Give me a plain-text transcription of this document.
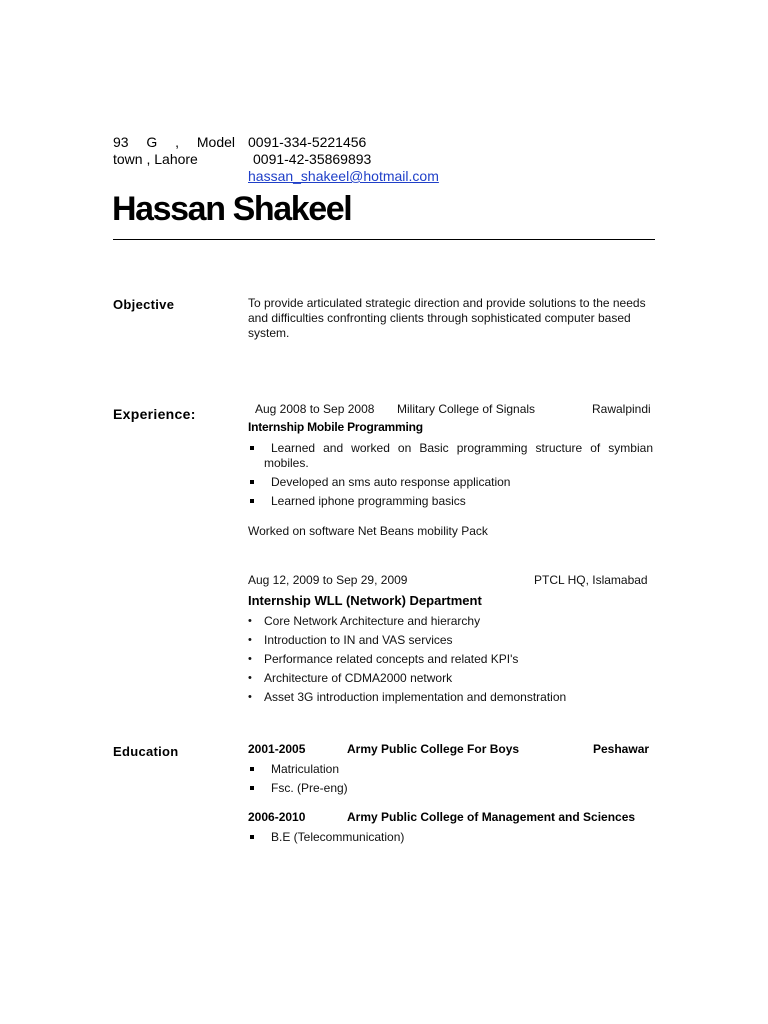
93 G , Model
town , Lahore
0091-334-5221456
0091-42-35869893
hassan_shakeel@hotmail.com
Hassan Shakeel
Objective	To provide articulated strategic direction and provide solutions to the needs and difficulties confronting clients through sophisticated computer based system.
Experience:	Aug 2008 to Sep 2008 Military College of Signals	Rawalpindi
Internship Mobile Programming
Learned and worked on Basic programming structure of symbian mobiles.
Developed an sms auto response application
Learned iphone programming basics
Worked on software Net Beans mobility Pack
Aug 12, 2009 to Sep 29, 2009	PTCL HQ, Islamabad
Internship WLL (Network) Department
• Core Network Architecture and hierarchy
• Introduction to IN and VAS services
• Performance related concepts and related KPI's
• Architecture of CDMA2000 network
• Asset 3G introduction implementation and demonstration
Education	2001-2005	Army Public College For Boys	Peshawar
Matriculation
Fsc. (Pre-eng)
2006-2010	Army Public College of Management and Sciences
B.E (Telecommunication)
